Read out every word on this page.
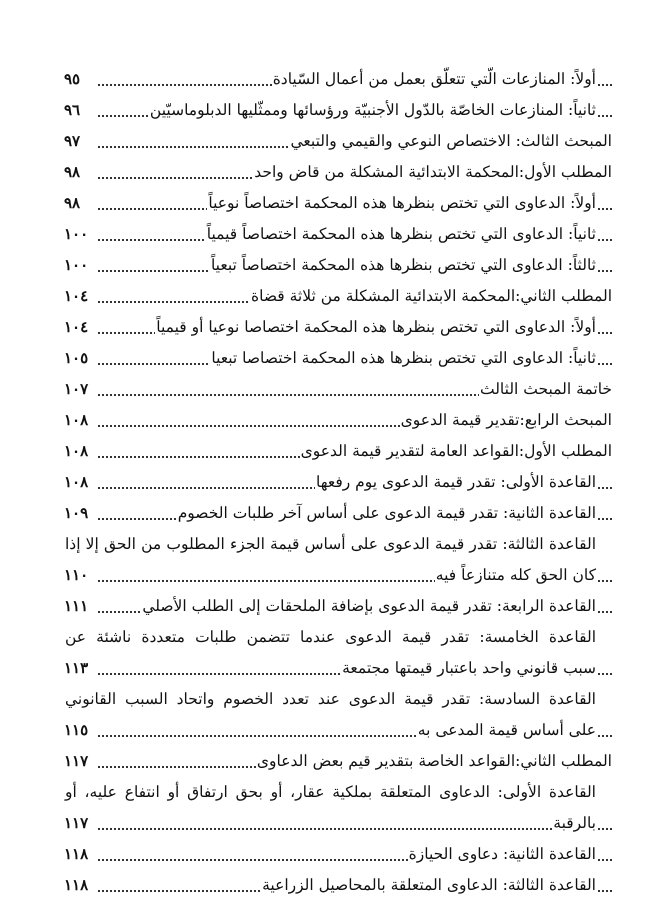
أولاً: المنازعات الّتي تتعلّق بعمل من أعمال السّيادة
٩٥
ثانياً: المنازعات الخاصّة بالدّول الأجنبيّة ورؤسائها وممثّليها الدبلوماسيّين
٩٦
المبحث الثالث: الاختصاص النوعي والقيمي والتبعي
٩٧
المطلب الأول:المحكمة الابتدائية المشكلة من قاض واحد
٩٨
أولاً: الدعاوى التي تختص بنظرها هذه المحكمة اختصاصاً نوعياً
٩٨
ثانياً: الدعاوى التي تختص بنظرها هذه المحكمة اختصاصاً قيمياً
١٠٠
ثالثاً: الدعاوى التي تختص بنظرها هذه المحكمة اختصاصاً تبعياً
١٠٠
المطلب الثاني:المحكمة الابتدائية المشكلة من ثلاثة قضاة
١٠٤
أولاً: الدعاوى التي تختص بنظرها هذه المحكمة اختصاصا نوعيا أو قيمياً
١٠٤
ثانياً: الدعاوى التي تختص بنظرها هذه المحكمة اختصاصا تبعيا
١٠٥
خاتمة المبحث الثالث
١٠٧
المبحث الرابع:تقدير قيمة الدعوى
١٠٨
المطلب الأول:القواعد العامة لتقدير قيمة الدعوى
١٠٨
القاعدة الأولى: تقدر قيمة الدعوى يوم رفعها
١٠٨
القاعدة الثانية: تقدر قيمة الدعوى على أساس آخر طلبات الخصوم
١٠٩
القاعدة الثالثة: تقدر قيمة الدعوى على أساس قيمة الجزء المطلوب من الحق إلا إذا
كان الحق كله متنازعاً فيه
١١٠
القاعدة الرابعة: تقدر قيمة الدعوى بإضافة الملحقات إلى الطلب الأصلي
١١١
القاعدة الخامسة: تقدر قيمة الدعوى عندما تتضمن طلبات متعددة ناشئة عن
سبب قانوني واحد باعتبار قيمتها مجتمعة
١١٣
القاعدة السادسة: تقدر قيمة الدعوى عند تعدد الخصوم واتحاد السبب القانوني
على أساس قيمة المدعى به
١١٥
المطلب الثاني:القواعد الخاصة بتقدير قيم بعض الدعاوى
١١٧
القاعدة الأولى: الدعاوى المتعلقة بملكية عقار، أو بحق ارتفاق أو انتفاع عليه، أو
بالرقبة
١١٧
القاعدة الثانية: دعاوى الحيازة
١١٨
القاعدة الثالثة: الدعاوى المتعلقة بالمحاصيل الزراعية
١١٨
